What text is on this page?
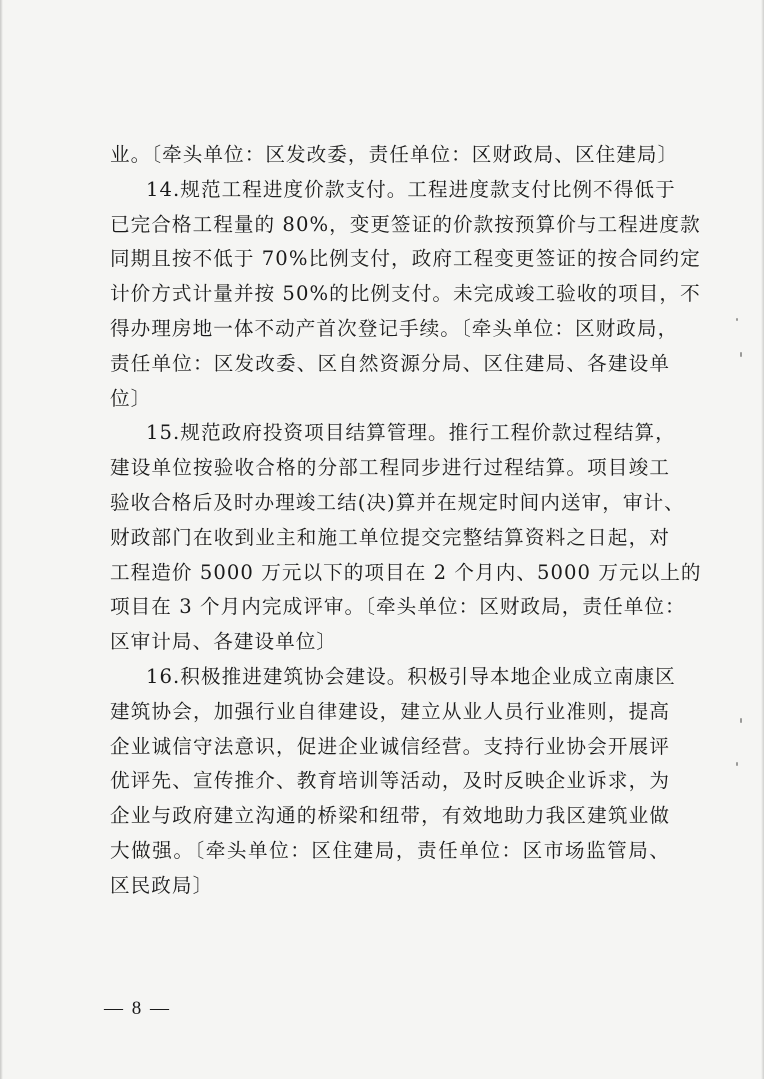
业。〔牵头单位：区发改委，责任单位：区财政局、区住建局〕
14.规范工程进度价款支付。工程进度款支付比例不得低于
已完合格工程量的 80%，变更签证的价款按预算价与工程进度款
同期且按不低于 70%比例支付，政府工程变更签证的按合同约定
计价方式计量并按 50%的比例支付。未完成竣工验收的项目，不
得办理房地一体不动产首次登记手续。〔牵头单位：区财政局，
责任单位：区发改委、区自然资源分局、区住建局、各建设单
位〕
15.规范政府投资项目结算管理。推行工程价款过程结算，
建设单位按验收合格的分部工程同步进行过程结算。项目竣工
验收合格后及时办理竣工结(决)算并在规定时间内送审，审计、
财政部门在收到业主和施工单位提交完整结算资料之日起，对
工程造价 5000 万元以下的项目在 2 个月内、5000 万元以上的
项目在 3 个月内完成评审。〔牵头单位：区财政局，责任单位：
区审计局、各建设单位〕
16.积极推进建筑协会建设。积极引导本地企业成立南康区
建筑协会，加强行业自律建设，建立从业人员行业准则，提高
企业诚信守法意识，促进企业诚信经营。支持行业协会开展评
优评先、宣传推介、教育培训等活动，及时反映企业诉求，为
企业与政府建立沟通的桥梁和纽带，有效地助力我区建筑业做
大做强。〔牵头单位：区住建局，责任单位：区市场监管局、
区民政局〕
— 8 —
